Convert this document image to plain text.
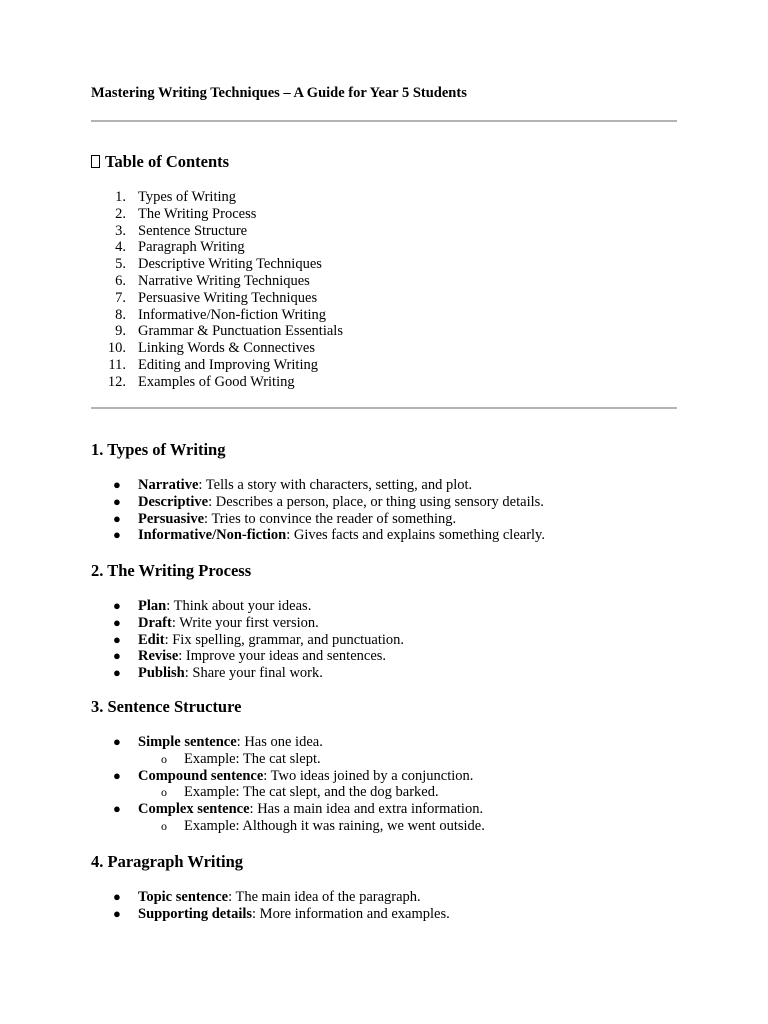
Mastering Writing Techniques – A Guide for Year 5 Students
Table of Contents
1. Types of Writing
2. The Writing Process
3. Sentence Structure
4. Paragraph Writing
5. Descriptive Writing Techniques
6. Narrative Writing Techniques
7. Persuasive Writing Techniques
8. Informative/Non-fiction Writing
9. Grammar & Punctuation Essentials
10. Linking Words & Connectives
11. Editing and Improving Writing
12. Examples of Good Writing
1. Types of Writing
● Narrative: Tells a story with characters, setting, and plot.
● Descriptive: Describes a person, place, or thing using sensory details.
● Persuasive: Tries to convince the reader of something.
● Informative/Non-fiction: Gives facts and explains something clearly.
2. The Writing Process
● Plan: Think about your ideas.
● Draft: Write your first version.
● Edit: Fix spelling, grammar, and punctuation.
● Revise: Improve your ideas and sentences.
● Publish: Share your final work.
3. Sentence Structure
● Simple sentence: Has one idea.
o Example: The cat slept.
● Compound sentence: Two ideas joined by a conjunction.
o Example: The cat slept, and the dog barked.
● Complex sentence: Has a main idea and extra information.
o Example: Although it was raining, we went outside.
4. Paragraph Writing
● Topic sentence: The main idea of the paragraph.
● Supporting details: More information and examples.
